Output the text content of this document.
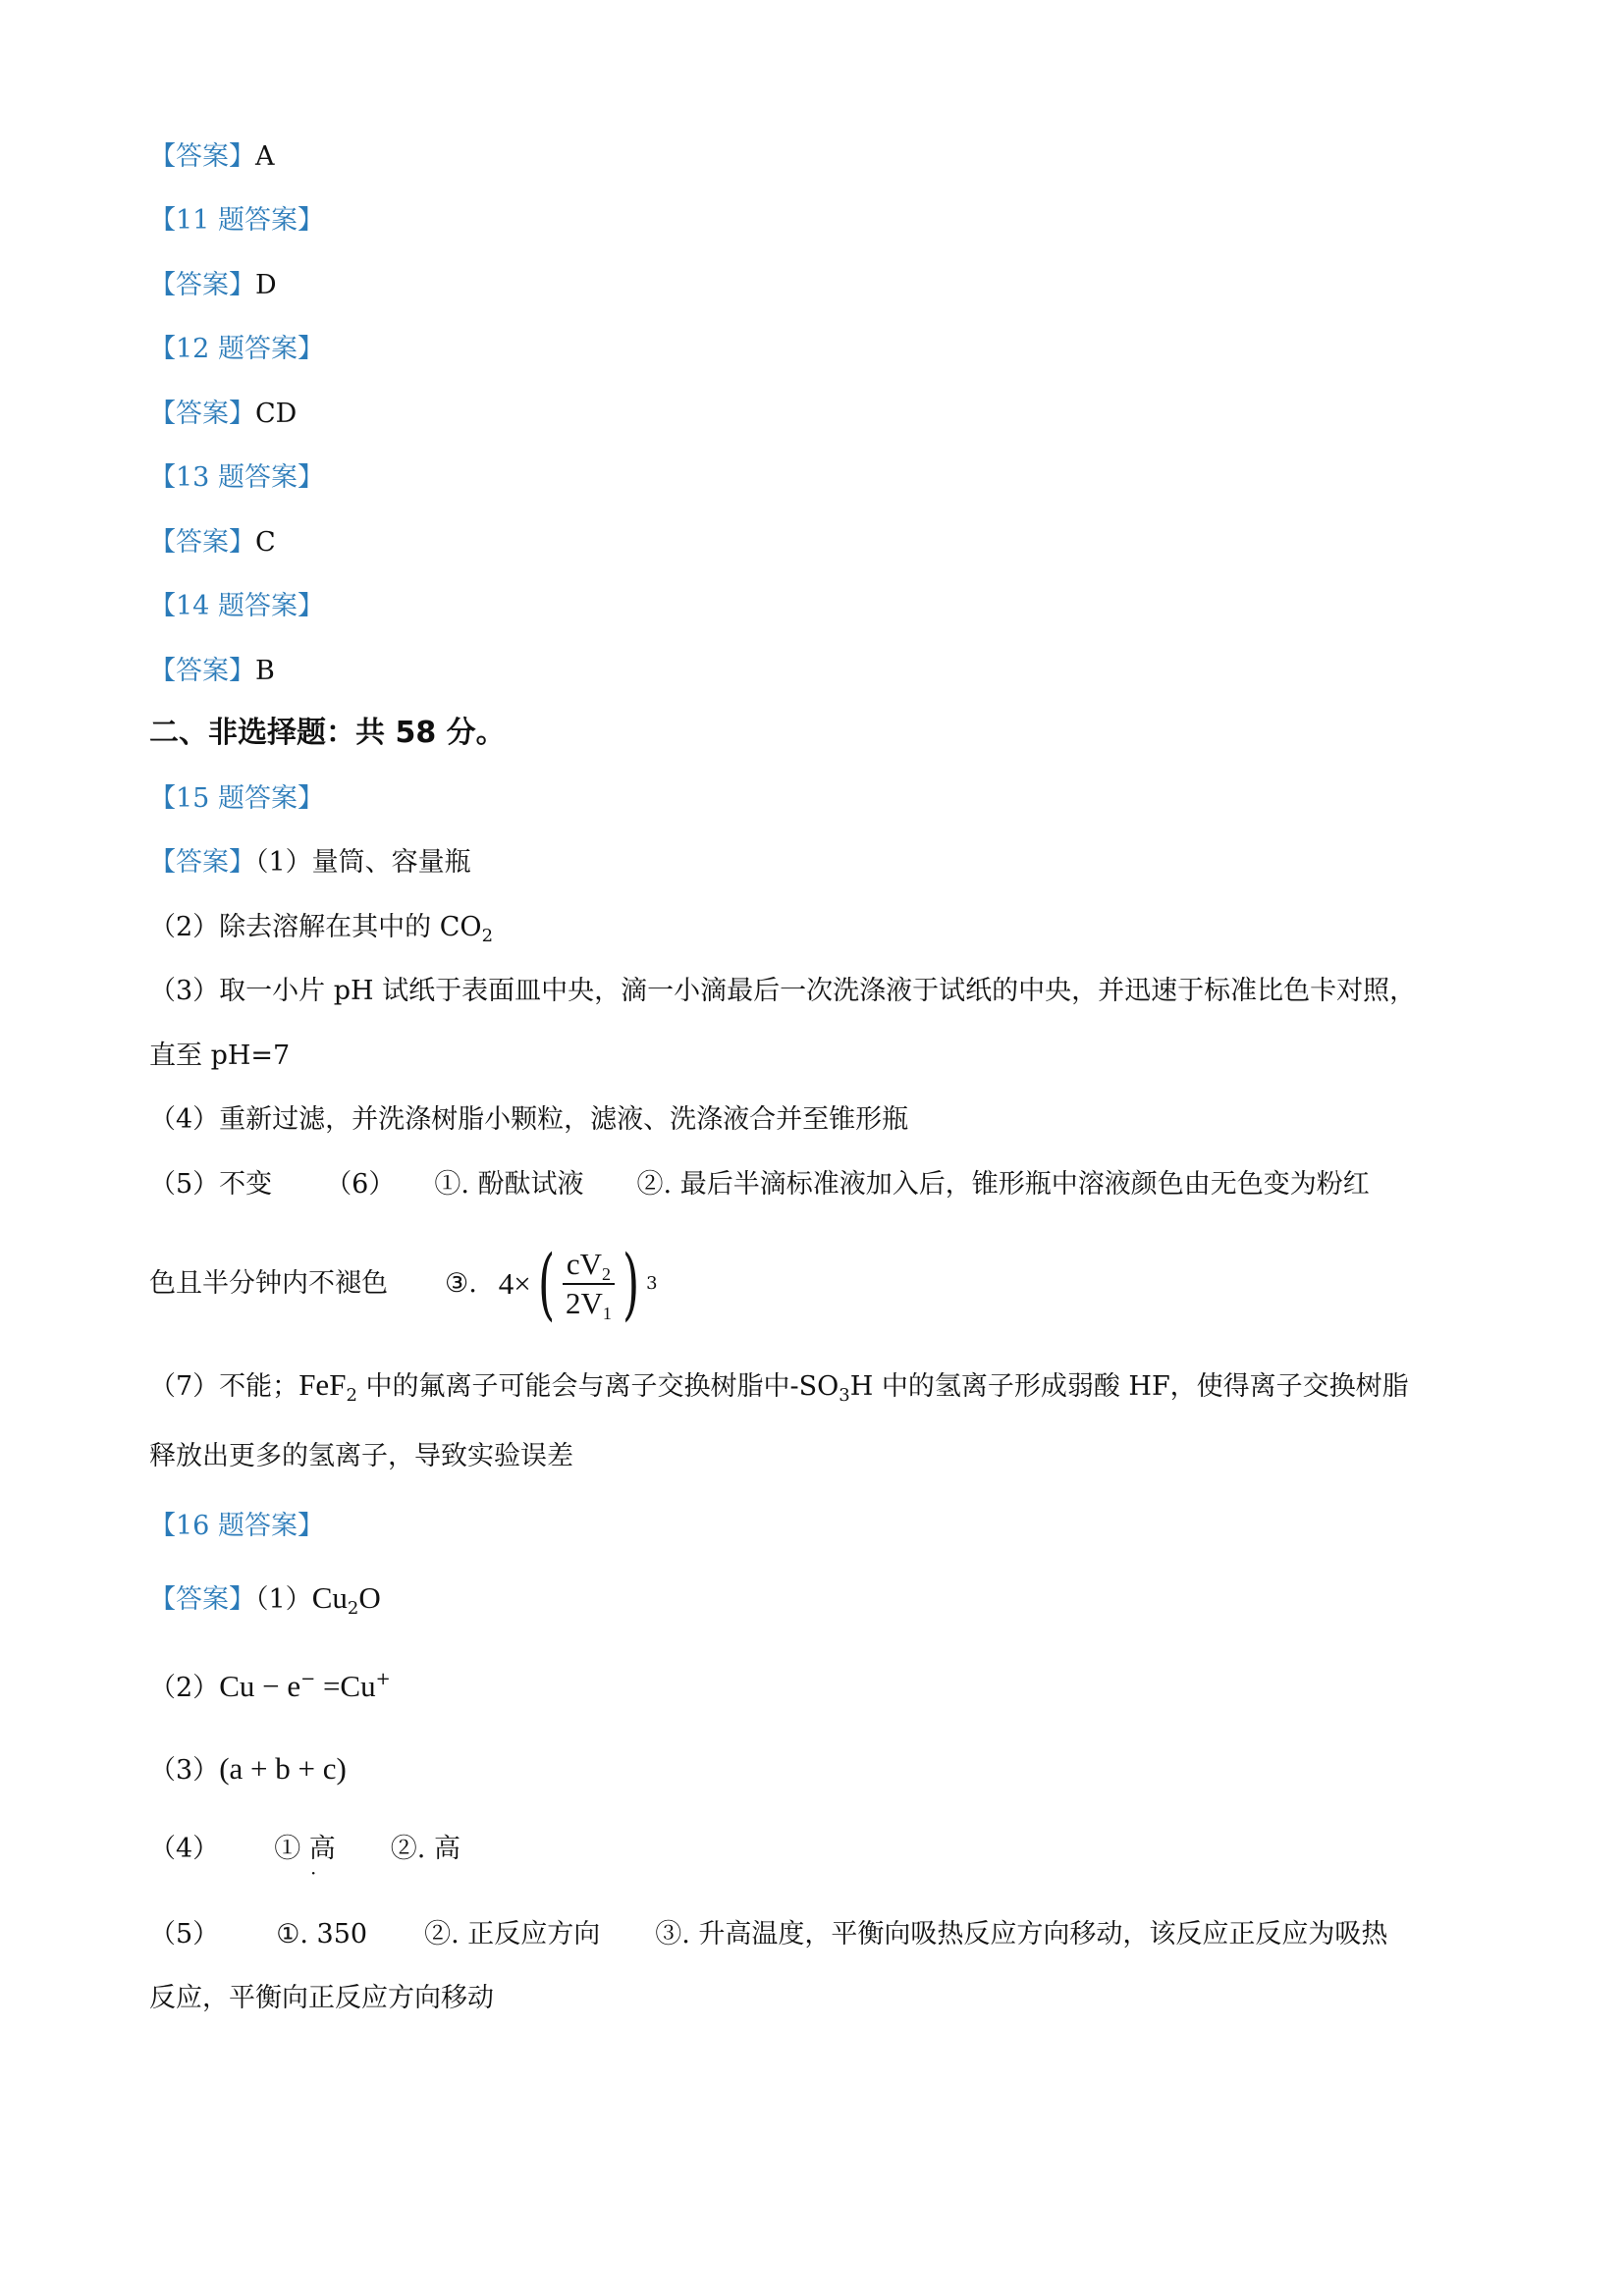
【答案】A
【11 题答案】
【答案】D
【12 题答案】
【答案】CD
【13 题答案】
【答案】C
【14 题答案】
【答案】B
二、非选择题：共 58 分。
【15 题答案】
【答案】（1）量筒、容量瓶
（2）除去溶解在其中的 $CO_2$
（3）取一小片 pH 试纸于表面皿中央，滴一小滴最后一次洗涤液于试纸的中央，并迅速于标准比色卡对照，
直至 pH=7
（4）重新过滤，并洗涤树脂小颗粒，滤液、洗涤液合并至锥形瓶
（5）不变 （6） ①. 酚酞试液 ②. 最后半滴标准液加入后，锥形瓶中溶液颜色由无色变为粉红
色且半分钟内不褪色 ③. 4× ( $\frac{cV_2}{2V_1}$ ) 3
（7）不能；FeF$_2$ 中的氟离子可能会与离子交换树脂中$-SO_3H$ 中的氢离子形成弱酸 HF，使得离子交换树脂
释放出更多的氢离子，导致实验误差
【16 题答案】
【答案】$(1)Cu_2O$
（2）Cu − e− =Cu+
（3）(a + b + c)
（4） ① 高 ②. 高
·
（5） ①. 350 ②. 正反应方向 ③. 升高温度，平衡向吸热反应方向移动，该反应正反应为吸热
反应，平衡向正反应方向移动
